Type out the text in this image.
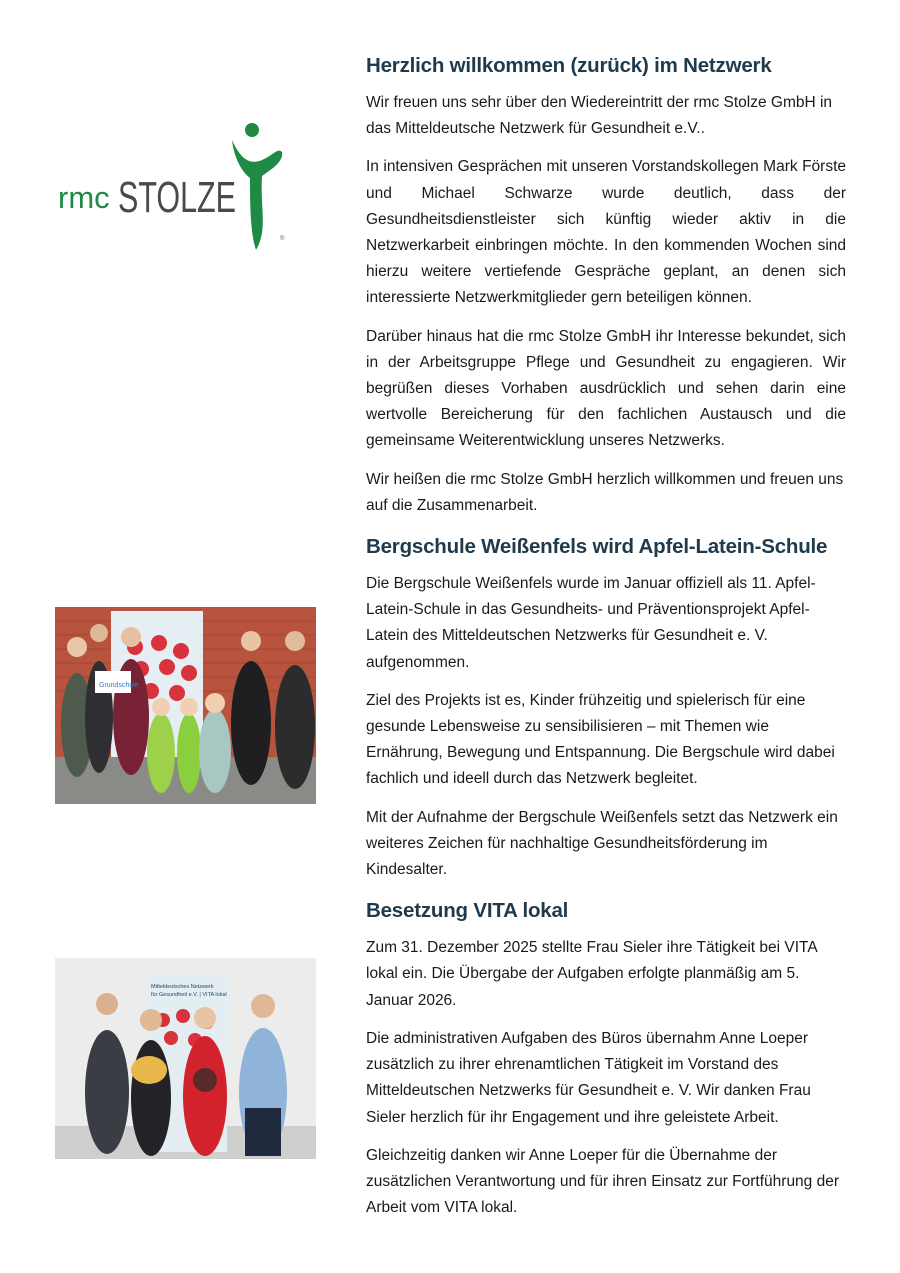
rmc STOLZE
®
Grundschule
Mitteldeutsches Netzwerk
für Gesundheit e.V. | VITA lokal
Herzlich willkommen (zurück) im Netzwerk

Wir freuen uns sehr über den Wiedereintritt der rmc Stolze GmbH in das Mitteldeutsche Netzwerk für Gesundheit e.V..

In intensiven Gesprächen mit unseren Vorstandskollegen Mark Förste und Michael Schwarze wurde deutlich, dass der Gesundheitsdienstleister sich künftig wieder aktiv in die Netzwerkarbeit einbringen möchte. In den kommenden Wochen sind hierzu weitere vertiefende Gespräche geplant, an denen sich interessierte Netzwerkmitglieder gern beteiligen können.

Darüber hinaus hat die rmc Stolze GmbH ihr Interesse bekundet, sich in der Arbeitsgruppe Pflege und Gesundheit zu engagieren. Wir begrüßen dieses Vorhaben ausdrücklich und sehen darin eine wertvolle Bereicherung für den fachlichen Austausch und die gemeinsame Weiterentwicklung unseres Netzwerks.

Wir heißen die rmc Stolze GmbH herzlich willkommen und freuen uns auf die Zusammenarbeit.

Bergschule Weißenfels wird Apfel-Latein-Schule

Die Bergschule Weißenfels wurde im Januar offiziell als 11. Apfel-Latein-Schule in das Gesundheits- und Präventionsprojekt Apfel-Latein des Mitteldeutschen Netzwerks für Gesundheit e. V. aufgenommen.

Ziel des Projekts ist es, Kinder frühzeitig und spielerisch für eine gesunde Lebensweise zu sensibilisieren – mit Themen wie Ernährung, Bewegung und Entspannung. Die Bergschule wird dabei fachlich und ideell durch das Netzwerk begleitet.

Mit der Aufnahme der Bergschule Weißenfels setzt das Netzwerk ein weiteres Zeichen für nachhaltige Gesundheitsförderung im Kindesalter.

Besetzung VITA lokal

Zum 31. Dezember 2025 stellte Frau Sieler ihre Tätigkeit bei VITA lokal ein. Die Übergabe der Aufgaben erfolgte planmäßig am 5. Januar 2026.

Die administrativen Aufgaben des Büros übernahm Anne Loeper zusätzlich zu ihrer ehrenamtlichen Tätigkeit im Vorstand des Mitteldeutschen Netzwerks für Gesundheit e. V. Wir danken Frau Sieler herzlich für ihr Engagement und ihre geleistete Arbeit.

Gleichzeitig danken wir Anne Loeper für die Übernahme der zusätzlichen Verantwortung und für ihren Einsatz zur Fortführung der Arbeit vom VITA lokal.
